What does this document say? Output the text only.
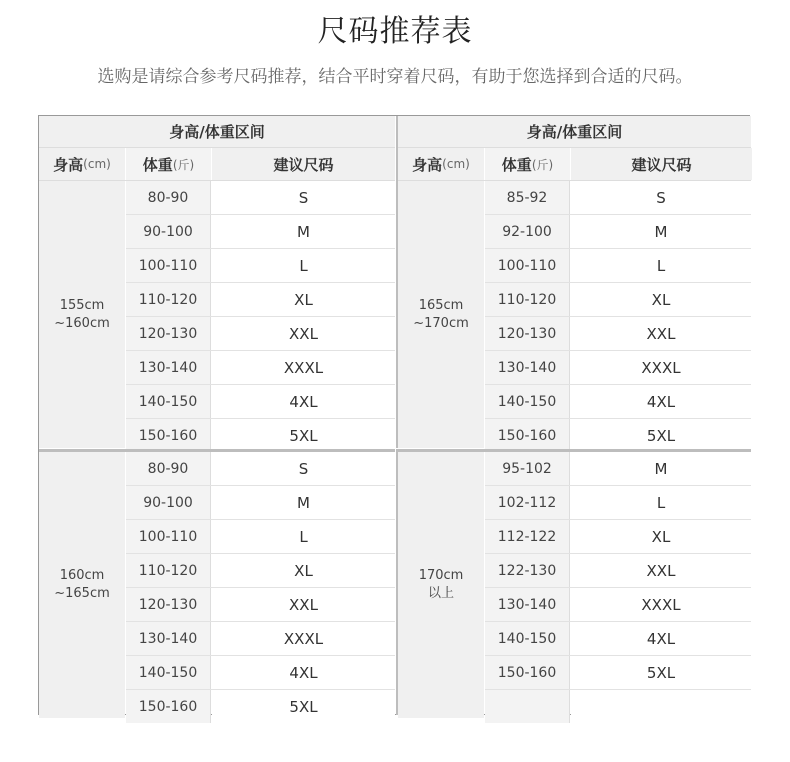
尺码推荐表
选购是请综合参考尺码推荐，结合平时穿着尺码，有助于您选择到合适的尺码。
身高/体重区间
身高 (cm) 体重 (斤)	建议尺码
155cm
~160cm
80-90	S
90-100	M
100-110	L
110-120	XL
120-130	XXL
130-140	XXXL
140-150	4XL
150-160	5XL
身高/体重区间
身高 (cm) 体重 (斤)	建议尺码
165cm
~170cm
85-92	S
92-100	M
100-110	L
110-120	XL
120-130	XXL
130-140	XXXL
140-150	4XL
150-160	5XL
160cm
~165cm
80-90	S
90-100	M
100-110	L
110-120	XL
120-130	XXL
130-140	XXXL
140-150	4XL
150-160	5XL
170cm
以上
95-102	M
102-112	L
112-122	XL
122-130	XXL
130-140	XXXL
140-150	4XL
150-160	5XL
